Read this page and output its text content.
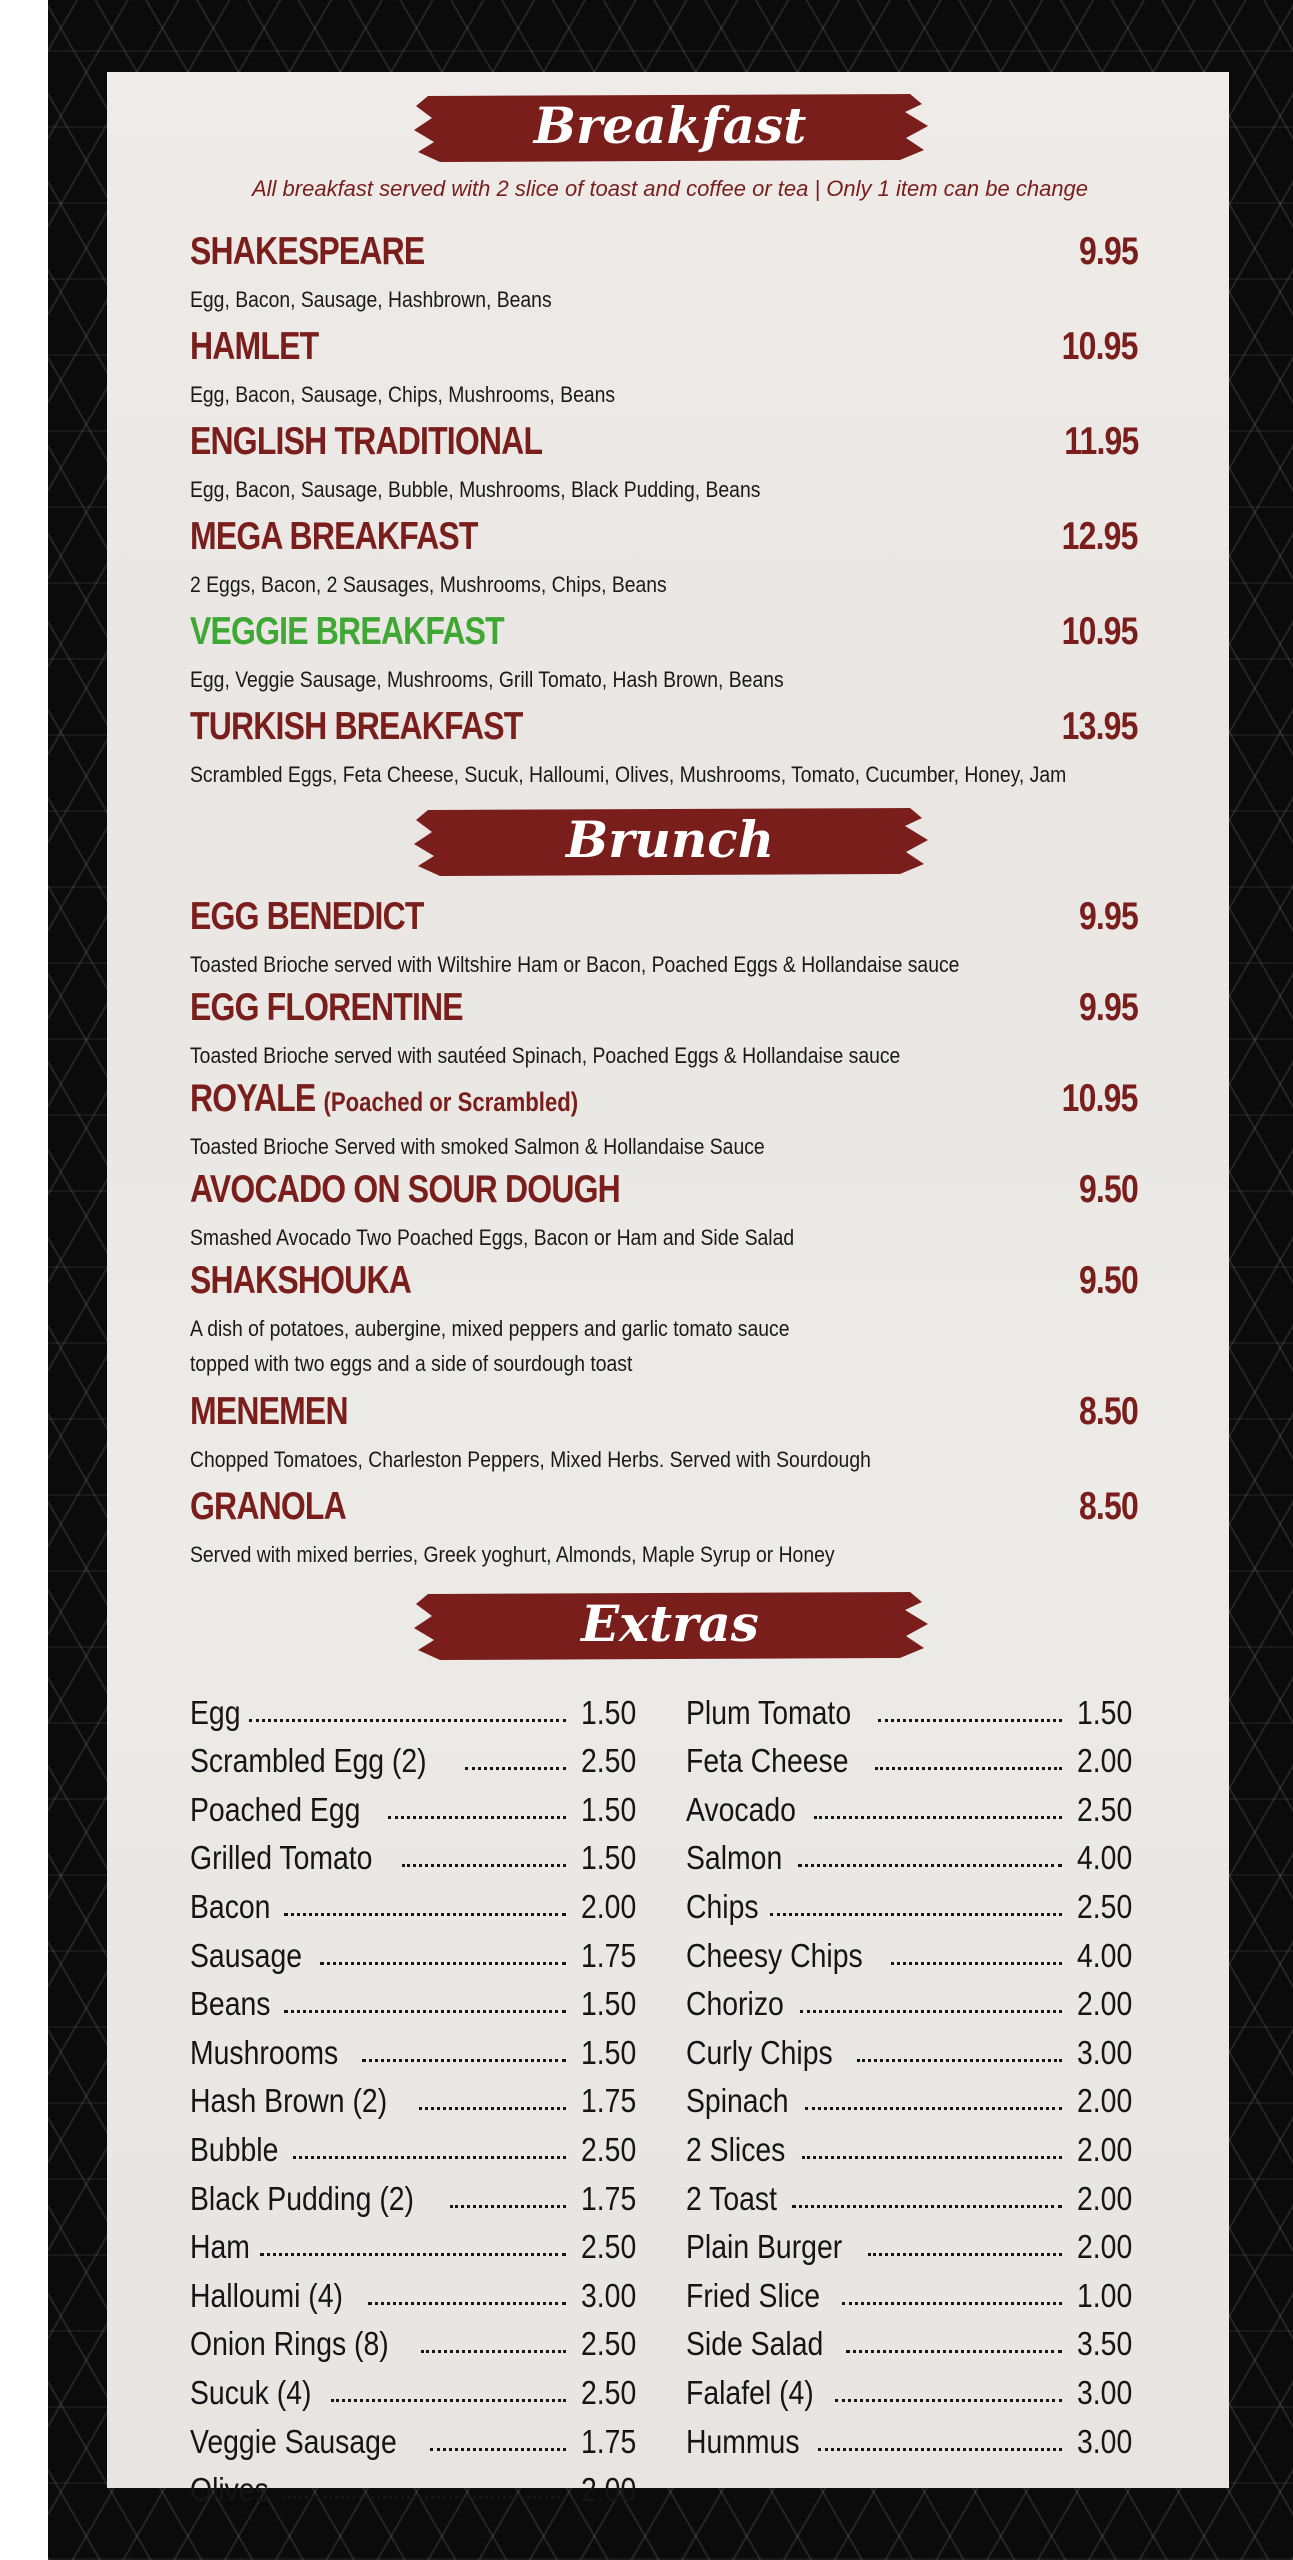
Breakfast
All breakfast served with 2 slice of toast and coffee or tea | Only 1 item can be change
SHAKESPEARE	9.95
Egg, Bacon, Sausage, Hashbrown, Beans
HAMLET	10.95
Egg, Bacon, Sausage, Chips, Mushrooms, Beans
ENGLISH TRADITIONAL	11.95
Egg, Bacon, Sausage, Bubble, Mushrooms, Black Pudding, Beans
MEGA BREAKFAST	12.95
2 Eggs, Bacon, 2 Sausages, Mushrooms, Chips, Beans
VEGGIE BREAKFAST	10.95
Egg, Veggie Sausage, Mushrooms, Grill Tomato, Hash Brown, Beans
TURKISH BREAKFAST	13.95
Scrambled Eggs, Feta Cheese, Sucuk, Halloumi, Olives, Mushrooms, Tomato, Cucumber, Honey, Jam
Brunch
EGG BENEDICT	9.95
Toasted Brioche served with Wiltshire Ham or Bacon, Poached Eggs & Hollandaise sauce
EGG FLORENTINE	9.95
Toasted Brioche served with sautéed Spinach, Poached Eggs & Hollandaise sauce
ROYALE (Poached or Scrambled)	10.95
Toasted Brioche Served with smoked Salmon & Hollandaise Sauce
AVOCADO ON SOUR DOUGH	9.50
Smashed Avocado Two Poached Eggs, Bacon or Ham and Side Salad
SHAKSHOUKA	9.50
A dish of potatoes, aubergine, mixed peppers and garlic tomato sauce
topped with two eggs and a side of sourdough toast
MENEMEN	8.50
Chopped Tomatoes, Charleston Peppers, Mixed Herbs. Served with Sourdough
GRANOLA	8.50
Served with mixed berries, Greek yoghurt, Almonds, Maple Syrup or Honey
Extras
Egg	1.50
Scrambled Egg (2)	2.50
Poached Egg	1.50
Grilled Tomato	1.50
Bacon	2.00
Sausage	1.75
Beans	1.50
Mushrooms	1.50
Hash Brown (2)	1.75
Bubble	2.50
Black Pudding (2)	1.75
Ham	2.50
Halloumi (4)	3.00
Onion Rings (8)	2.50
Sucuk (4)	2.50
Veggie Sausage	1.75
Olives	2.00
Plum Tomato	1.50
Feta Cheese	2.00
Avocado	2.50
Salmon	4.00
Chips	2.50
Cheesy Chips	4.00
Chorizo	2.00
Curly Chips	3.00
Spinach	2.00
2 Slices	2.00
2 Toast	2.00
Plain Burger	2.00
Fried Slice	1.00
Side Salad	3.50
Falafel (4)	3.00
Hummus	3.00
